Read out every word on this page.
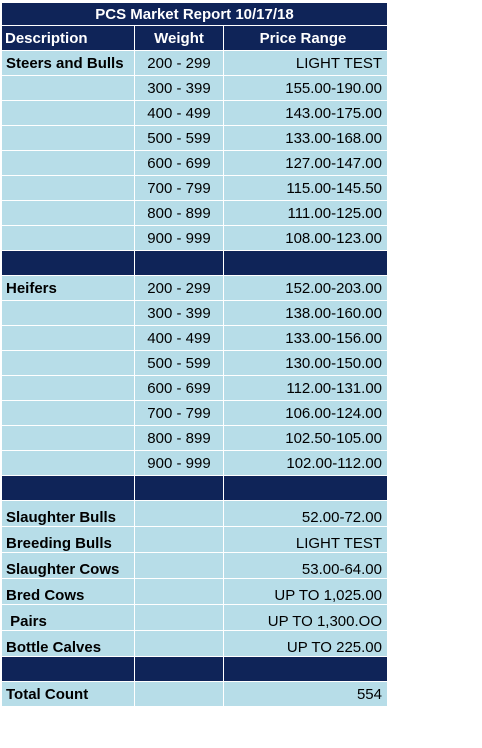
PCS Market Report 10/17/18		
Description	Weight	Price Range
Steers and Bulls	200 - 299	LIGHT TEST
	300 - 399	155.00-190.00
	400 - 499	143.00-175.00
	500 - 599	133.00-168.00
	600 - 699	127.00-147.00
	700 - 799	115.00-145.50
	800 - 899	111.00-125.00
	900 - 999	108.00-123.00

Heifers	200 - 299	152.00-203.00
	300 - 399	138.00-160.00
	400 - 499	133.00-156.00
	500 - 599	130.00-150.00
	600 - 699	112.00-131.00
	700 - 799	106.00-124.00
	800 - 899	102.50-105.00
	900 - 999	102.00-112.00

Slaughter Bulls		52.00-72.00
Breeding Bulls		LIGHT TEST
Slaughter Cows		53.00-64.00
Bred Cows		UP TO 1,025.00
Pairs		UP TO 1,300.OO
Bottle Calves		UP TO 225.00

Total Count		554
